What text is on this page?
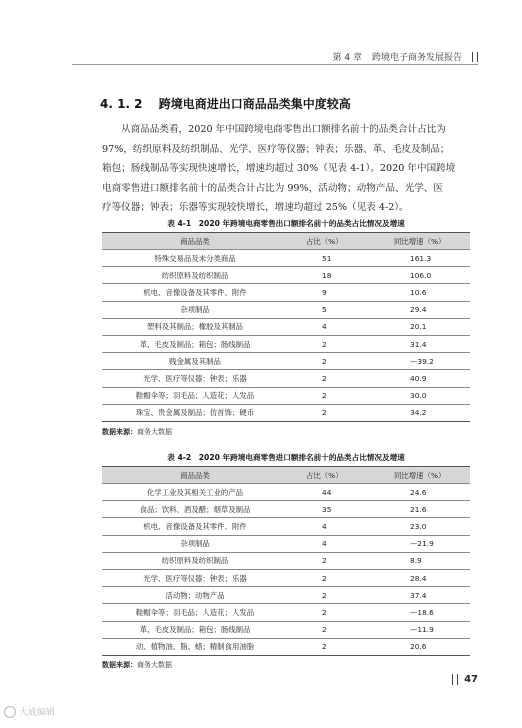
第 4 章 跨境电子商务发展报告
4. 1. 2 跨境电商进出口商品品类集中度较高
从商品品类看，2020 年中国跨境电商零售出口额排名前十的品类合计占比为
97%，纺织原料及纺织制品、光学、医疗等仪器；钟表；乐器、革、毛皮及制品；
箱包；肠线制品等实现快速增长，增速均超过 30%（见表 4-1）。2020 年中国跨境
电商零售进口额排名前十的品类合计占比为 99%，活动物；动物产品、光学、医
疗等仪器；钟表；乐器等实现较快增长，增速均超过 25%（见表 4-2）。
表 4-1　2020 年跨境电商零售出口额排名前十的品类占比情况及增速
商品品类	占比（%）	同比增速（%）
特殊交易品及未分类商品	51	161.3
纺织原料及纺织制品	18	106.0
机电、音像设备及其零件、附件	9	10.6
杂项制品	5	29.4
塑料及其制品；橡胶及其制品	4	20.1
革、毛皮及制品；箱包；肠线制品	2	31.4
贱金属及其制品	2	—39.2
光学、医疗等仪器；钟表；乐器	2	40.9
鞋帽伞等；羽毛品；人造花；人发品	2	30.0
珠宝、贵金属及制品；仿首饰；硬币	2	34.2
数据来源：商务大数据
表 4-2　2020 年跨境电商零售进口额排名前十的品类占比情况及增速
商品品类	占比（%）	同比增速（%）
化学工业及其相关工业的产品	44	24.6
食品；饮料、酒及醋；烟草及制品	35	21.6
机电、音像设备及其零件、附件	4	23.0
杂项制品	4	—21.9
纺织原料及纺织制品	2	8.9
光学、医疗等仪器；钟表；乐器	2	28.4
活动物；动物产品	2	37.4
鞋帽伞等；羽毛品；人造花；人发品	2	—18.6
革、毛皮及制品；箱包；肠线制品	2	—11.9
动、植物油、脂、蜡；精制食用油脂	2	20.6
数据来源：商务大数据
47
大成编辑
